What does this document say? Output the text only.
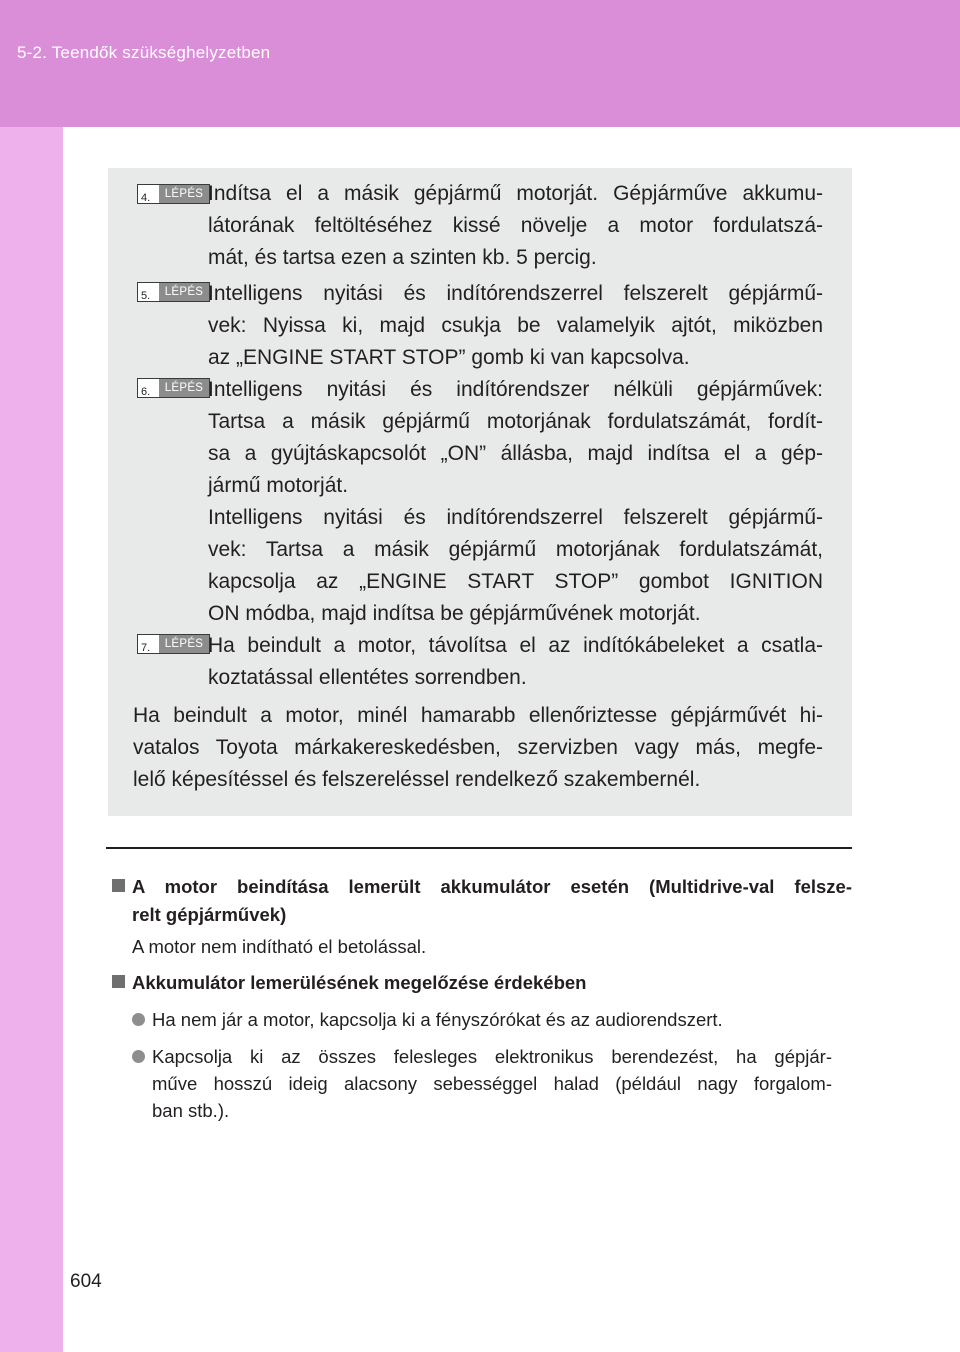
5-2. Teendők szükséghelyzetben
4.	LÉPÉS Indítsa el a másik gépjármű motorját. Gépjárműve akkumu-
látorának feltöltéséhez kissé növelje a motor fordulatszá-
mát, és tartsa ezen a szinten kb. 5 percig.
5.	LÉPÉS Intelligens nyitási és indítórendszerrel felszerelt gépjármű-
vek: Nyissa ki, majd csukja be valamelyik ajtót, miközben
az „ENGINE START STOP” gomb ki van kapcsolva.
6.	LÉPÉS Intelligens nyitási és indítórendszer nélküli gépjárművek:
Tartsa a másik gépjármű motorjának fordulatszámát, fordít-
sa a gyújtáskapcsolót „ON” állásba, majd indítsa el a gép-
jármű motorját.
Intelligens nyitási és indítórendszerrel felszerelt gépjármű-
vek: Tartsa a másik gépjármű motorjának fordulatszámát,
kapcsolja az „ENGINE START STOP” gombot IGNITION
ON módba, majd indítsa be gépjárművének motorját.
7.	LÉPÉS Ha beindult a motor, távolítsa el az indítókábeleket a csatla-
koztatással ellentétes sorrendben.
Ha beindult a motor, minél hamarabb ellenőriztesse gépjárművét hi-
vatalos Toyota márkakereskedésben, szervizben vagy más, megfe-
lelő képesítéssel és felszereléssel rendelkező szakembernél.
A motor beindítása lemerült akkumulátor esetén (Multidrive-val felsze-
relt gépjárművek)
A motor nem indítható el betolással.
Akkumulátor lemerülésének megelőzése érdekében
Ha nem jár a motor, kapcsolja ki a fényszórókat és az audiorendszert.
Kapcsolja ki az összes felesleges elektronikus berendezést, ha gépjár-
műve hosszú ideig alacsony sebességgel halad (például nagy forgalom-
ban stb.).
604
